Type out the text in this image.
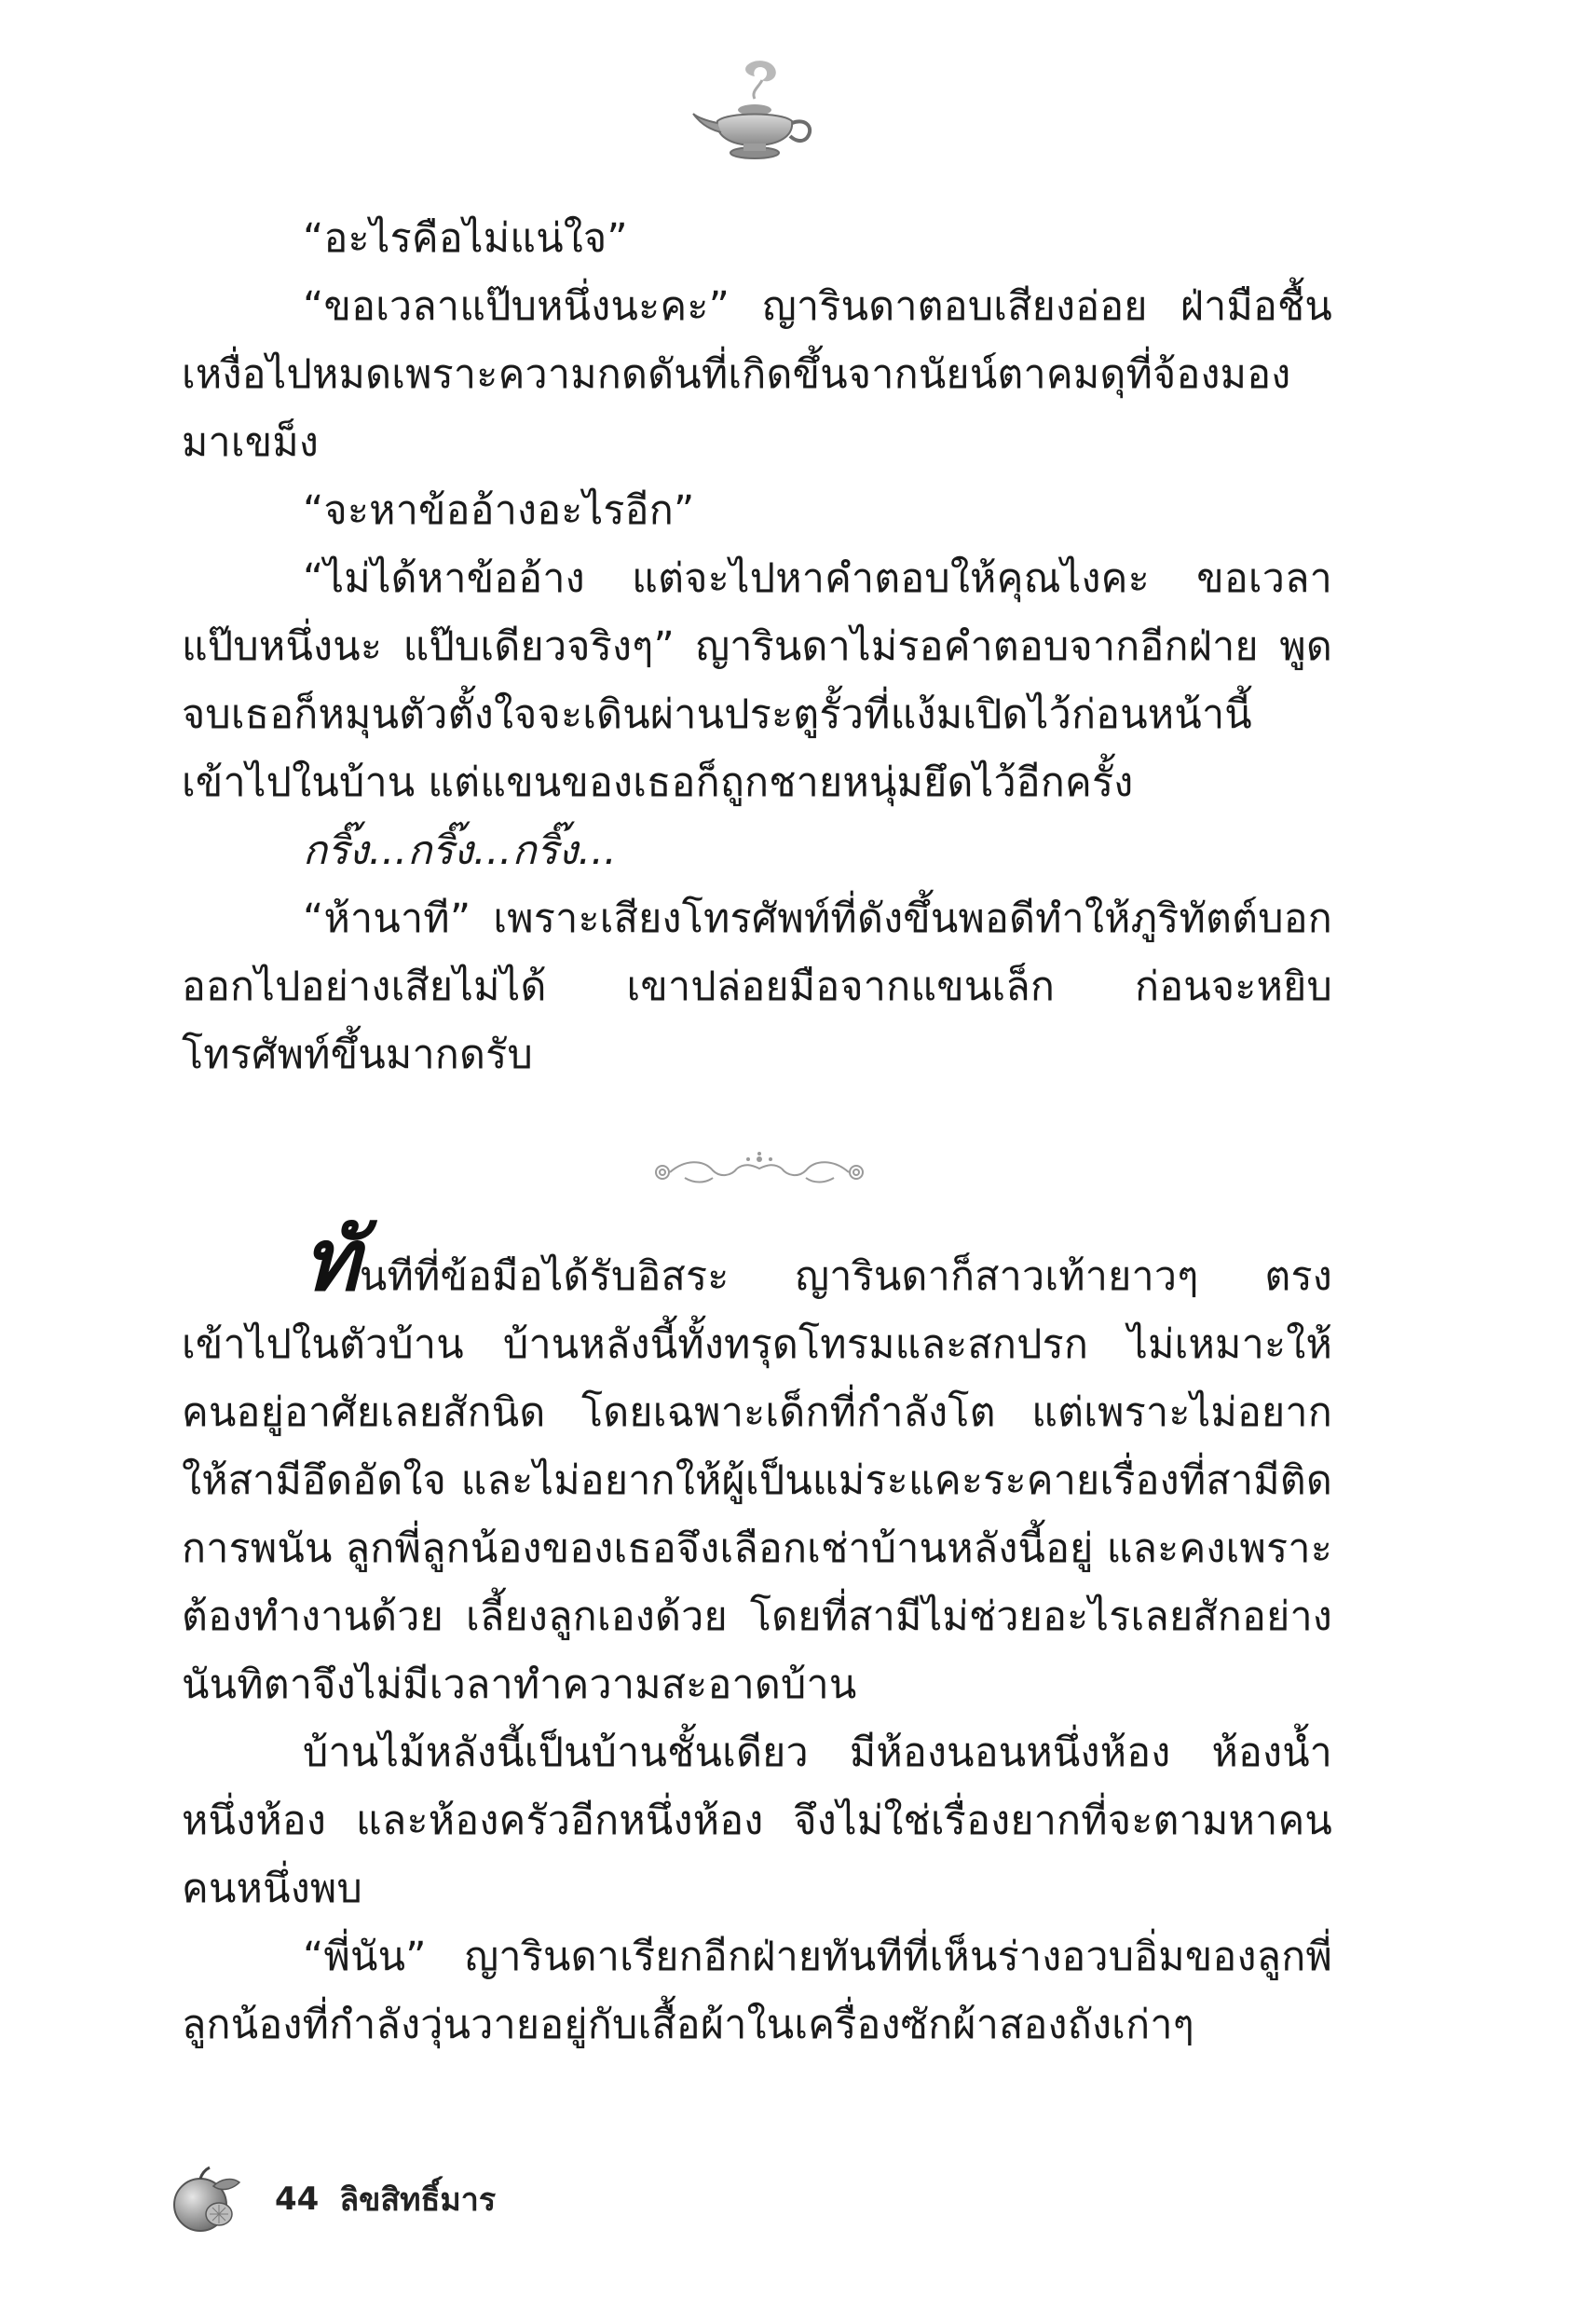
“อะไรคือไม่แน่ใจ”

“ขอเวลาแป๊บหนึ่งนะคะ” ญารินดาตอบเสียงอ่อย ฝ่ามือชื้นเหงื่อไปหมดเพราะความกดดันที่เกิดขึ้นจากนัยน์ตาคมดุที่จ้องมองมาเขม็ง

“จะหาข้ออ้างอะไรอีก”

“ไม่ได้หาข้ออ้าง แต่จะไปหาคำตอบให้คุณไงคะ ขอเวลาแป๊บหนึ่งนะ แป๊บเดียวจริงๆ” ญารินดาไม่รอคำตอบจากอีกฝ่าย พูดจบเธอก็หมุนตัวตั้งใจจะเดินผ่านประตูรั้วที่แง้มเปิดไว้ก่อนหน้านี้เข้าไปในบ้าน แต่แขนของเธอก็ถูกชายหนุ่มยึดไว้อีกครั้ง

กริ๊ง...กริ๊ง...กริ๊ง...

“ห้านาที” เพราะเสียงโทรศัพท์ที่ดังขึ้นพอดีทำให้ภูริทัตต์บอกออกไปอย่างเสียไม่ได้ เขาปล่อยมือจากแขนเล็ก ก่อนจะหยิบโทรศัพท์ขึ้นมากดรับ

ทันทีที่ข้อมือได้รับอิสระ ญารินดาก็สาวเท้ายาวๆ ตรงเข้าไปในตัวบ้าน บ้านหลังนี้ทั้งทรุดโทรมและสกปรก ไม่เหมาะให้คนอยู่อาศัยเลยสักนิด โดยเฉพาะเด็กที่กำลังโต แต่เพราะไม่อยากให้สามีอึดอัดใจ และไม่อยากให้ผู้เป็นแม่ระแคะระคายเรื่องที่สามีติดการพนัน ลูกพี่ลูกน้องของเธอจึงเลือกเช่าบ้านหลังนี้อยู่ และคงเพราะต้องทำงานด้วย เลี้ยงลูกเองด้วย โดยที่สามีไม่ช่วยอะไรเลยสักอย่าง นันทิตาจึงไม่มีเวลาทำความสะอาดบ้าน

บ้านไม้หลังนี้เป็นบ้านชั้นเดียว มีห้องนอนหนึ่งห้อง ห้องน้ำหนึ่งห้อง และห้องครัวอีกหนึ่งห้อง จึงไม่ใช่เรื่องยากที่จะตามหาคนคนหนึ่งพบ

“พี่นัน” ญารินดาเรียกอีกฝ่ายทันทีที่เห็นร่างอวบอิ่มของลูกพี่ลูกน้องที่กำลังวุ่นวายอยู่กับเสื้อผ้าในเครื่องซักผ้าสองถังเก่าๆ

44 ลิขสิทธิ์มาร
